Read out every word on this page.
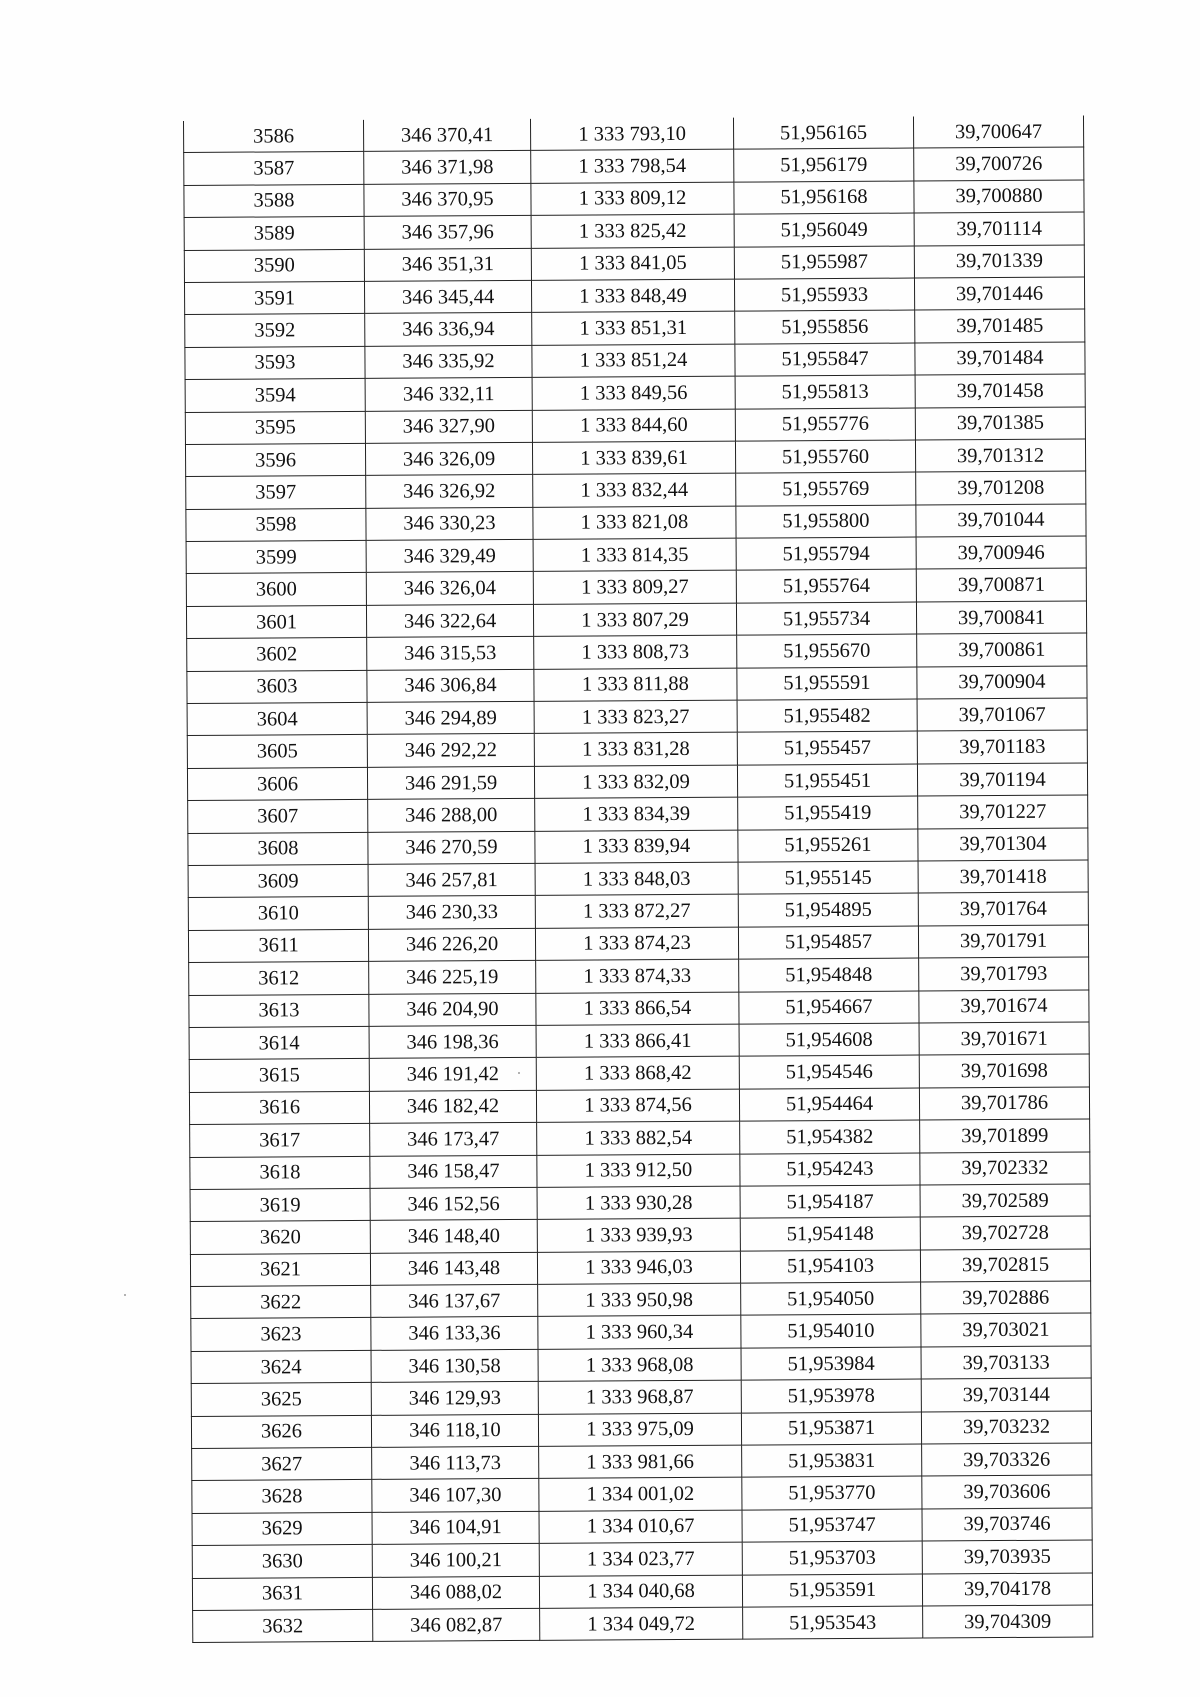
3586	346 370,41	1 333 793,10	51,956165	39,700647
3587	346 371,98	1 333 798,54	51,956179	39,700726
3588	346 370,95	1 333 809,12	51,956168	39,700880
3589	346 357,96	1 333 825,42	51,956049	39,701114
3590	346 351,31	1 333 841,05	51,955987	39,701339
3591	346 345,44	1 333 848,49	51,955933	39,701446
3592	346 336,94	1 333 851,31	51,955856	39,701485
3593	346 335,92	1 333 851,24	51,955847	39,701484
3594	346 332,11	1 333 849,56	51,955813	39,701458
3595	346 327,90	1 333 844,60	51,955776	39,701385
3596	346 326,09	1 333 839,61	51,955760	39,701312
3597	346 326,92	1 333 832,44	51,955769	39,701208
3598	346 330,23	1 333 821,08	51,955800	39,701044
3599	346 329,49	1 333 814,35	51,955794	39,700946
3600	346 326,04	1 333 809,27	51,955764	39,700871
3601	346 322,64	1 333 807,29	51,955734	39,700841
3602	346 315,53	1 333 808,73	51,955670	39,700861
3603	346 306,84	1 333 811,88	51,955591	39,700904
3604	346 294,89	1 333 823,27	51,955482	39,701067
3605	346 292,22	1 333 831,28	51,955457	39,701183
3606	346 291,59	1 333 832,09	51,955451	39,701194
3607	346 288,00	1 333 834,39	51,955419	39,701227
3608	346 270,59	1 333 839,94	51,955261	39,701304
3609	346 257,81	1 333 848,03	51,955145	39,701418
3610	346 230,33	1 333 872,27	51,954895	39,701764
3611	346 226,20	1 333 874,23	51,954857	39,701791
3612	346 225,19	1 333 874,33	51,954848	39,701793
3613	346 204,90	1 333 866,54	51,954667	39,701674
3614	346 198,36	1 333 866,41	51,954608	39,701671
3615	346 191,42	1 333 868,42	51,954546	39,701698
3616	346 182,42	1 333 874,56	51,954464	39,701786
3617	346 173,47	1 333 882,54	51,954382	39,701899
3618	346 158,47	1 333 912,50	51,954243	39,702332
3619	346 152,56	1 333 930,28	51,954187	39,702589
3620	346 148,40	1 333 939,93	51,954148	39,702728
3621	346 143,48	1 333 946,03	51,954103	39,702815
3622	346 137,67	1 333 950,98	51,954050	39,702886
3623	346 133,36	1 333 960,34	51,954010	39,703021
3624	346 130,58	1 333 968,08	51,953984	39,703133
3625	346 129,93	1 333 968,87	51,953978	39,703144
3626	346 118,10	1 333 975,09	51,953871	39,703232
3627	346 113,73	1 333 981,66	51,953831	39,703326
3628	346 107,30	1 334 001,02	51,953770	39,703606
3629	346 104,91	1 334 010,67	51,953747	39,703746
3630	346 100,21	1 334 023,77	51,953703	39,703935
3631	346 088,02	1 334 040,68	51,953591	39,704178
3632	346 082,87	1 334 049,72	51,953543	39,704309
